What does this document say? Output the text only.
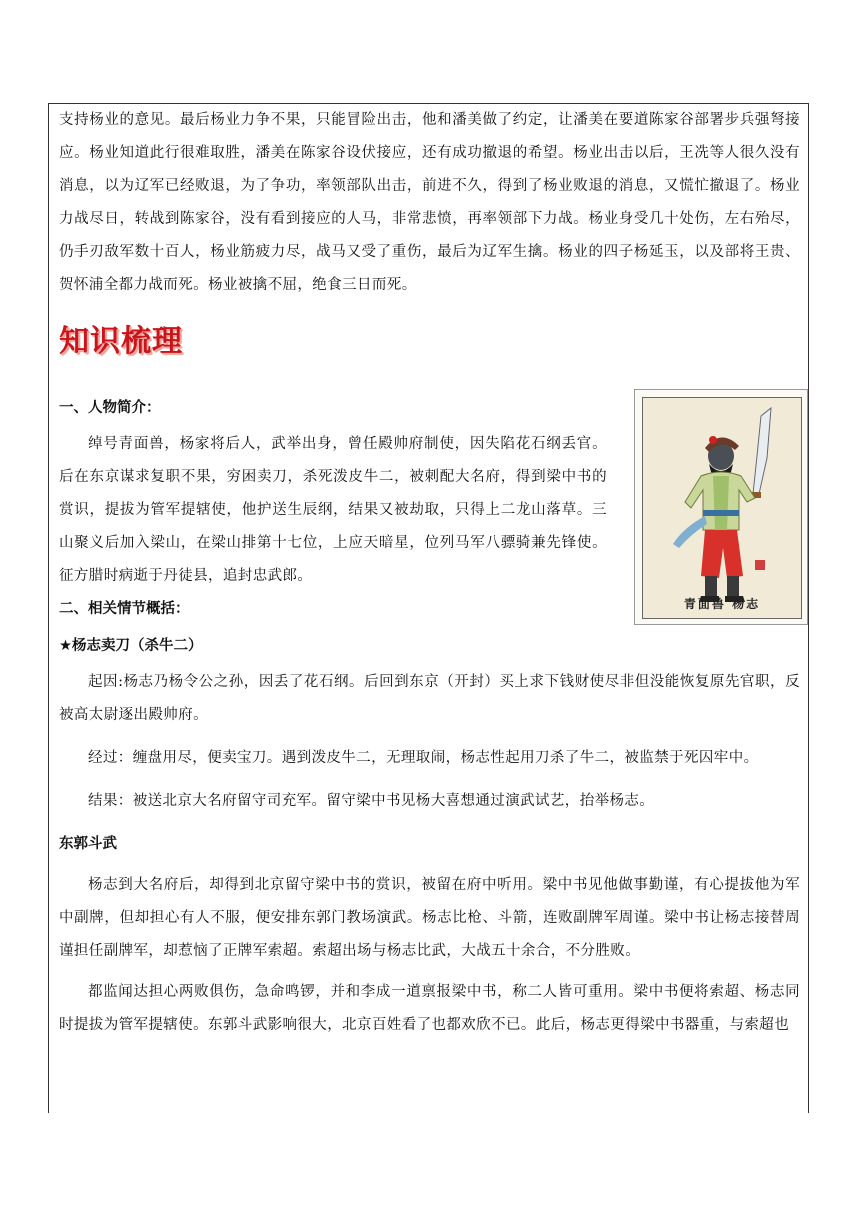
支持杨业的意见。最后杨业力争不果，只能冒险出击，他和潘美做了约定，让潘美在要道陈家谷部署步兵强弩接应。杨业知道此行很难取胜，潘美在陈家谷设伏接应，还有成功撤退的希望。杨业出击以后，王冼等人很久没有消息，以为辽军已经败退，为了争功，率领部队出击，前进不久，得到了杨业败退的消息，又慌忙撤退了。杨业力战尽日，转战到陈家谷，没有看到接应的人马，非常悲愤，再率领部下力战。杨业身受几十处伤，左右殆尽，仍手刃敌军数十百人，杨业筋疲力尽，战马又受了重伤，最后为辽军生擒。杨业的四子杨延玉，以及部将王贵、贺怀浦全都力战而死。杨业被擒不屈，绝食三日而死。

知识梳理

一、人物简介：

绰号青面兽，杨家将后人，武举出身，曾任殿帅府制使，因失陷花石纲丢官。后在东京谋求复职不果，穷困卖刀，杀死泼皮牛二，被刺配大名府，得到梁中书的赏识，提拔为管军提辖使，他护送生辰纲，结果又被劫取，只得上二龙山落草。三山聚义后加入梁山，在梁山排第十七位，上应天暗星，位列马军八骠骑兼先锋使。征方腊时病逝于丹徒县，追封忠武郎。

二、相关情节概括：	青面兽 杨志

★杨志卖刀（杀牛二）

起因:杨志乃杨令公之孙，因丢了花石纲。后回到东京（开封）买上求下钱财使尽非但没能恢复原先官职，反被高太尉逐出殿帅府。

经过：缠盘用尽，便卖宝刀。遇到泼皮牛二，无理取闹，杨志性起用刀杀了牛二，被监禁于死囚牢中。

结果：被送北京大名府留守司充军。留守梁中书见杨大喜想通过演武试艺，抬举杨志。

东郭斗武

杨志到大名府后，却得到北京留守梁中书的赏识，被留在府中听用。梁中书见他做事勤谨，有心提拔他为军中副牌，但却担心有人不服，便安排东郭门教场演武。杨志比枪、斗箭，连败副牌军周谨。梁中书让杨志接替周谨担任副牌军，却惹恼了正牌军索超。索超出场与杨志比武，大战五十余合，不分胜败。

都监闻达担心两败俱伤，急命鸣锣，并和李成一道禀报梁中书，称二人皆可重用。梁中书便将索超、杨志同时提拔为管军提辖使。东郭斗武影响很大，北京百姓看了也都欢欣不已。此后，杨志更得梁中书器重，与索超也
